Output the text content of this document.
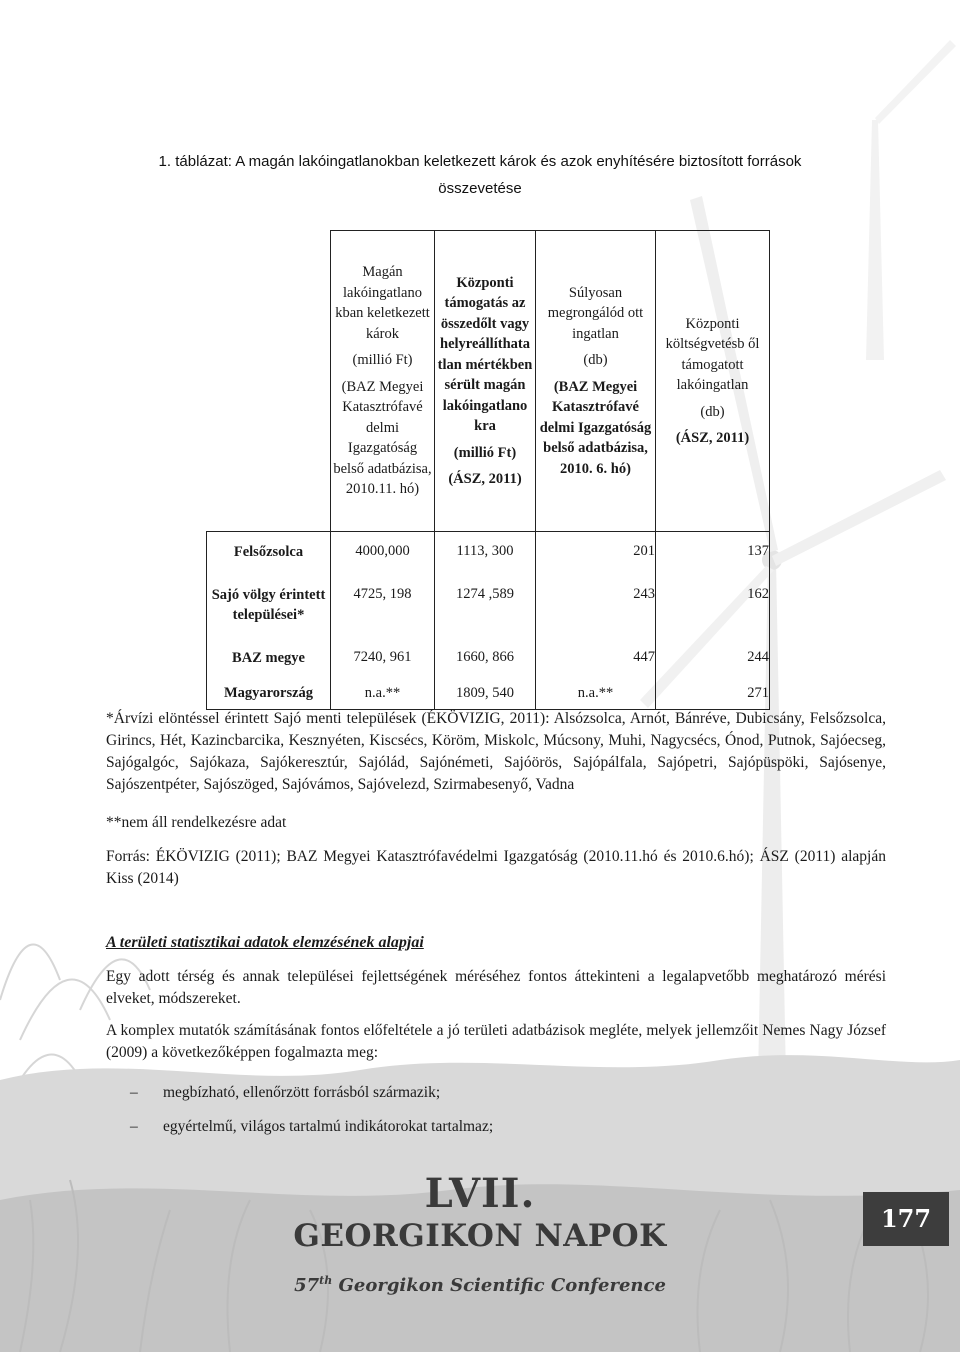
1. táblázat: A magán lakóingatlanokban keletkezett károk és azok enyhítésére biztosított források
összevetése
	Magán lakóingatlano kban keletkezett károk
(millió Ft)
(BAZ Megyei Katasztrófavé delmi Igazgatóság belső adatbázisa, 2010.11. hó)	Központi támogatás az összedőlt vagy helyreállíthata tlan mértékben sérült magán lakóingatlano kra
(millió Ft)
(ÁSZ, 2011)	Súlyosan megrongálód ott ingatlan
(db)
(BAZ Megyei Katasztrófavé delmi Igazgatóság belső adatbázisa, 2010. 6. hó)	Központi költségvetésb ől támogatott lakóingatlan
(db)
(ÁSZ, 2011)
Felsőzsolca	4000,000	1113, 300	201	137
Sajó völgy érintett települései*	4725, 198	1274 ,589	243	162
BAZ megye	7240, 961	1660, 866	447	244
Magyarország	n.a.**	1809, 540	n.a.**	271
*Árvízi elöntéssel érintett Sajó menti települések (ÉKÖVIZIG, 2011): Alsózsolca, Arnót, Bánréve, Dubicsány, Felsőzsolca, Girincs, Hét, Kazincbarcika, Kesznyéten, Kiscsécs, Köröm, Miskolc, Múcsony, Muhi, Nagycsécs, Ónod, Putnok, Sajóecseg, Sajógalgóc, Sajókaza, Sajókeresztúr, Sajólád, Sajónémeti, Sajóörös, Sajópálfala, Sajópetri, Sajópüspöki, Sajósenye, Sajószentpéter, Sajószöged, Sajóvámos, Sajóvelezd, Szirmabesenyő, Vadna
**nem áll rendelkezésre adat
Forrás: ÉKÖVIZIG (2011); BAZ Megyei Katasztrófavédelmi Igazgatóság (2010.11.hó és 2010.6.hó); ÁSZ (2011) alapján Kiss (2014)
A területi statisztikai adatok elemzésének alapjai
Egy adott térség és annak települései fejlettségének méréséhez fontos áttekinteni a legalapvetőbb meghatározó mérési elveket, módszereket.
A komplex mutatók számításának fontos előfeltétele a jó területi adatbázisok megléte, melyek jellemzőit Nemes Nagy József (2009) a következőképpen fogalmazta meg:
– megbízható, ellenőrzött forrásból származik;
– egyértelmű, világos tartalmú indikátorokat tartalmaz;
LVII.
GEORGIKON NAPOK
57th Georgikon Scientific Conference
177
